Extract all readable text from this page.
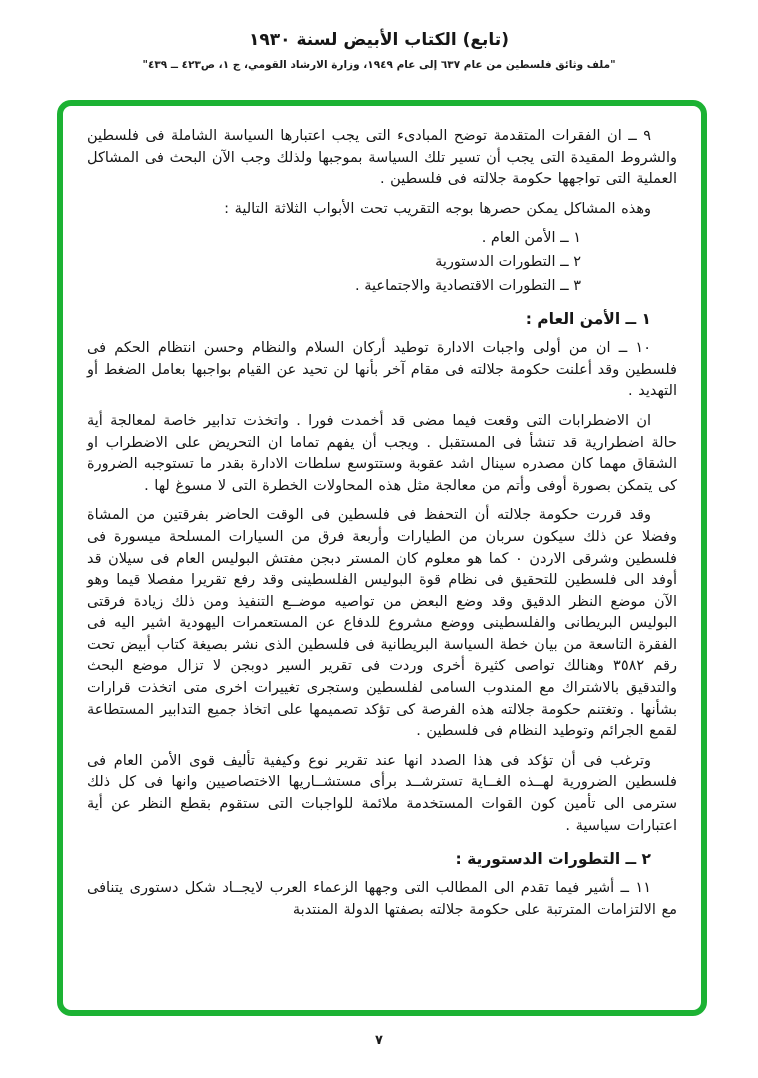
(تابع) الكتاب الأبيض لسنة ١٩٣٠
"ملف وثائق فلسطين من عام ٦٣٧ إلى عام ١٩٤٩، وزارة الارشاد القومي، ج ١، ص٤٢٣ ــ ٤٣٩"

٩ ــ ان الفقرات المتقدمة توضح المبادىء التى يجب اعتبارها السياسة الشاملة فى فلسطين والشروط المقيدة التى يجب أن تسير تلك السياسة بموجبها ولذلك وجب الآن البحث فى المشاكل العملية التى تواجهها حكومة جلالته فى فلسطين .

وهذه المشاكل يمكن حصرها بوجه التقريب تحت الأبواب الثلاثة التالية :

١ ــ الأمن العام .
٢ ــ التطورات الدستورية
٣ ــ التطورات الاقتصادية والاجتماعية .
١ ــ الأمن العام :

١٠ ــ ان من أولى واجبات الادارة توطيد أركان السلام والنظام وحسن انتظام الحكم فى فلسطين وقد أعلنت حكومة جلالته فى مقام آخر بأنها لن تحيد عن القيام بواجبها بعامل الضغط أو التهديد .

ان الاضطرابات التى وقعت فيما مضى قد أخمدت فورا . واتخذت تدابير خاصة لمعالجة أية حالة اضطرارية قد تنشأ فى المستقبل . ويجب أن يفهم تماما ان التحريض على الاضطراب او الشقاق مهما كان مصدره سينال اشد عقوبة وستتوسع سلطات الادارة بقدر ما تستوجبه الضرورة كى يتمكن بصورة أوفى وأتم من معالجة مثل هذه المحاولات الخطرة التى لا مسوغ لها .

وقد قررت حكومة جلالته أن التحفظ فى فلسطين فى الوقت الحاضر بفرقتين من المشاة وفضلا عن ذلك سيكون سربان من الطيارات وأربعة فرق من السيارات المسلحة ميسورة فى فلسطين وشرقى الاردن ٠ كما هو معلوم كان المستر دبجن مفتش البوليس العام فى سيلان قد أوفد الى فلسطين للتحقيق فى نظام قوة البوليس الفلسطينى وقد رفع تقريرا مفصلا قيما وهو الآن موضع النظر الدقيق وقد وضع البعض من تواصيه موضــع التنفيذ ومن ذلك زيادة فرقتى البوليس البريطانى والفلسطينى ووضع مشروع للدفاع عن المستعمرات اليهودية اشير اليه فى الفقرة التاسعة من بيان خطة السياسة البريطانية فى فلسطين الذى نشر بصيغة كتاب أبيض تحت رقم ٣٥٨٢ وهنالك تواصى كثيرة أخرى وردت فى تقرير السير دوبجن لا تزال موضع البحث والتدقيق بالاشتراك مع المندوب السامى لفلسطين وستجرى تغييرات اخرى متى اتخذت قرارات بشأنها . وتغتنم حكومة جلالته هذه الفرصة كى تؤكد تصميمها على اتخاذ جميع التدابير المستطاعة لقمع الجرائم وتوطيد النظام فى فلسطين .

وترغب فى أن تؤكد فى هذا الصدد انها عند تقرير نوع وكيفية تأليف قوى الأمن العام فى فلسطين الضرورية لهــذه الغــاية تسترشــد برأى مستشــاريها الاختصاصيين وانها فى كل ذلك سترمى الى تأمين كون القوات المستخدمة ملائمة للواجبات التى ستقوم بقطع النظر عن أية اعتبارات سياسية .

٢ ــ التطورات الدستورية :

١١ ــ أشير فيما تقدم الى المطالب التى وجهها الزعماء العرب لايجــاد شكل دستورى يتنافى مع الالتزامات المترتبة على حكومة جلالته بصفتها الدولة المنتدبة

٧
